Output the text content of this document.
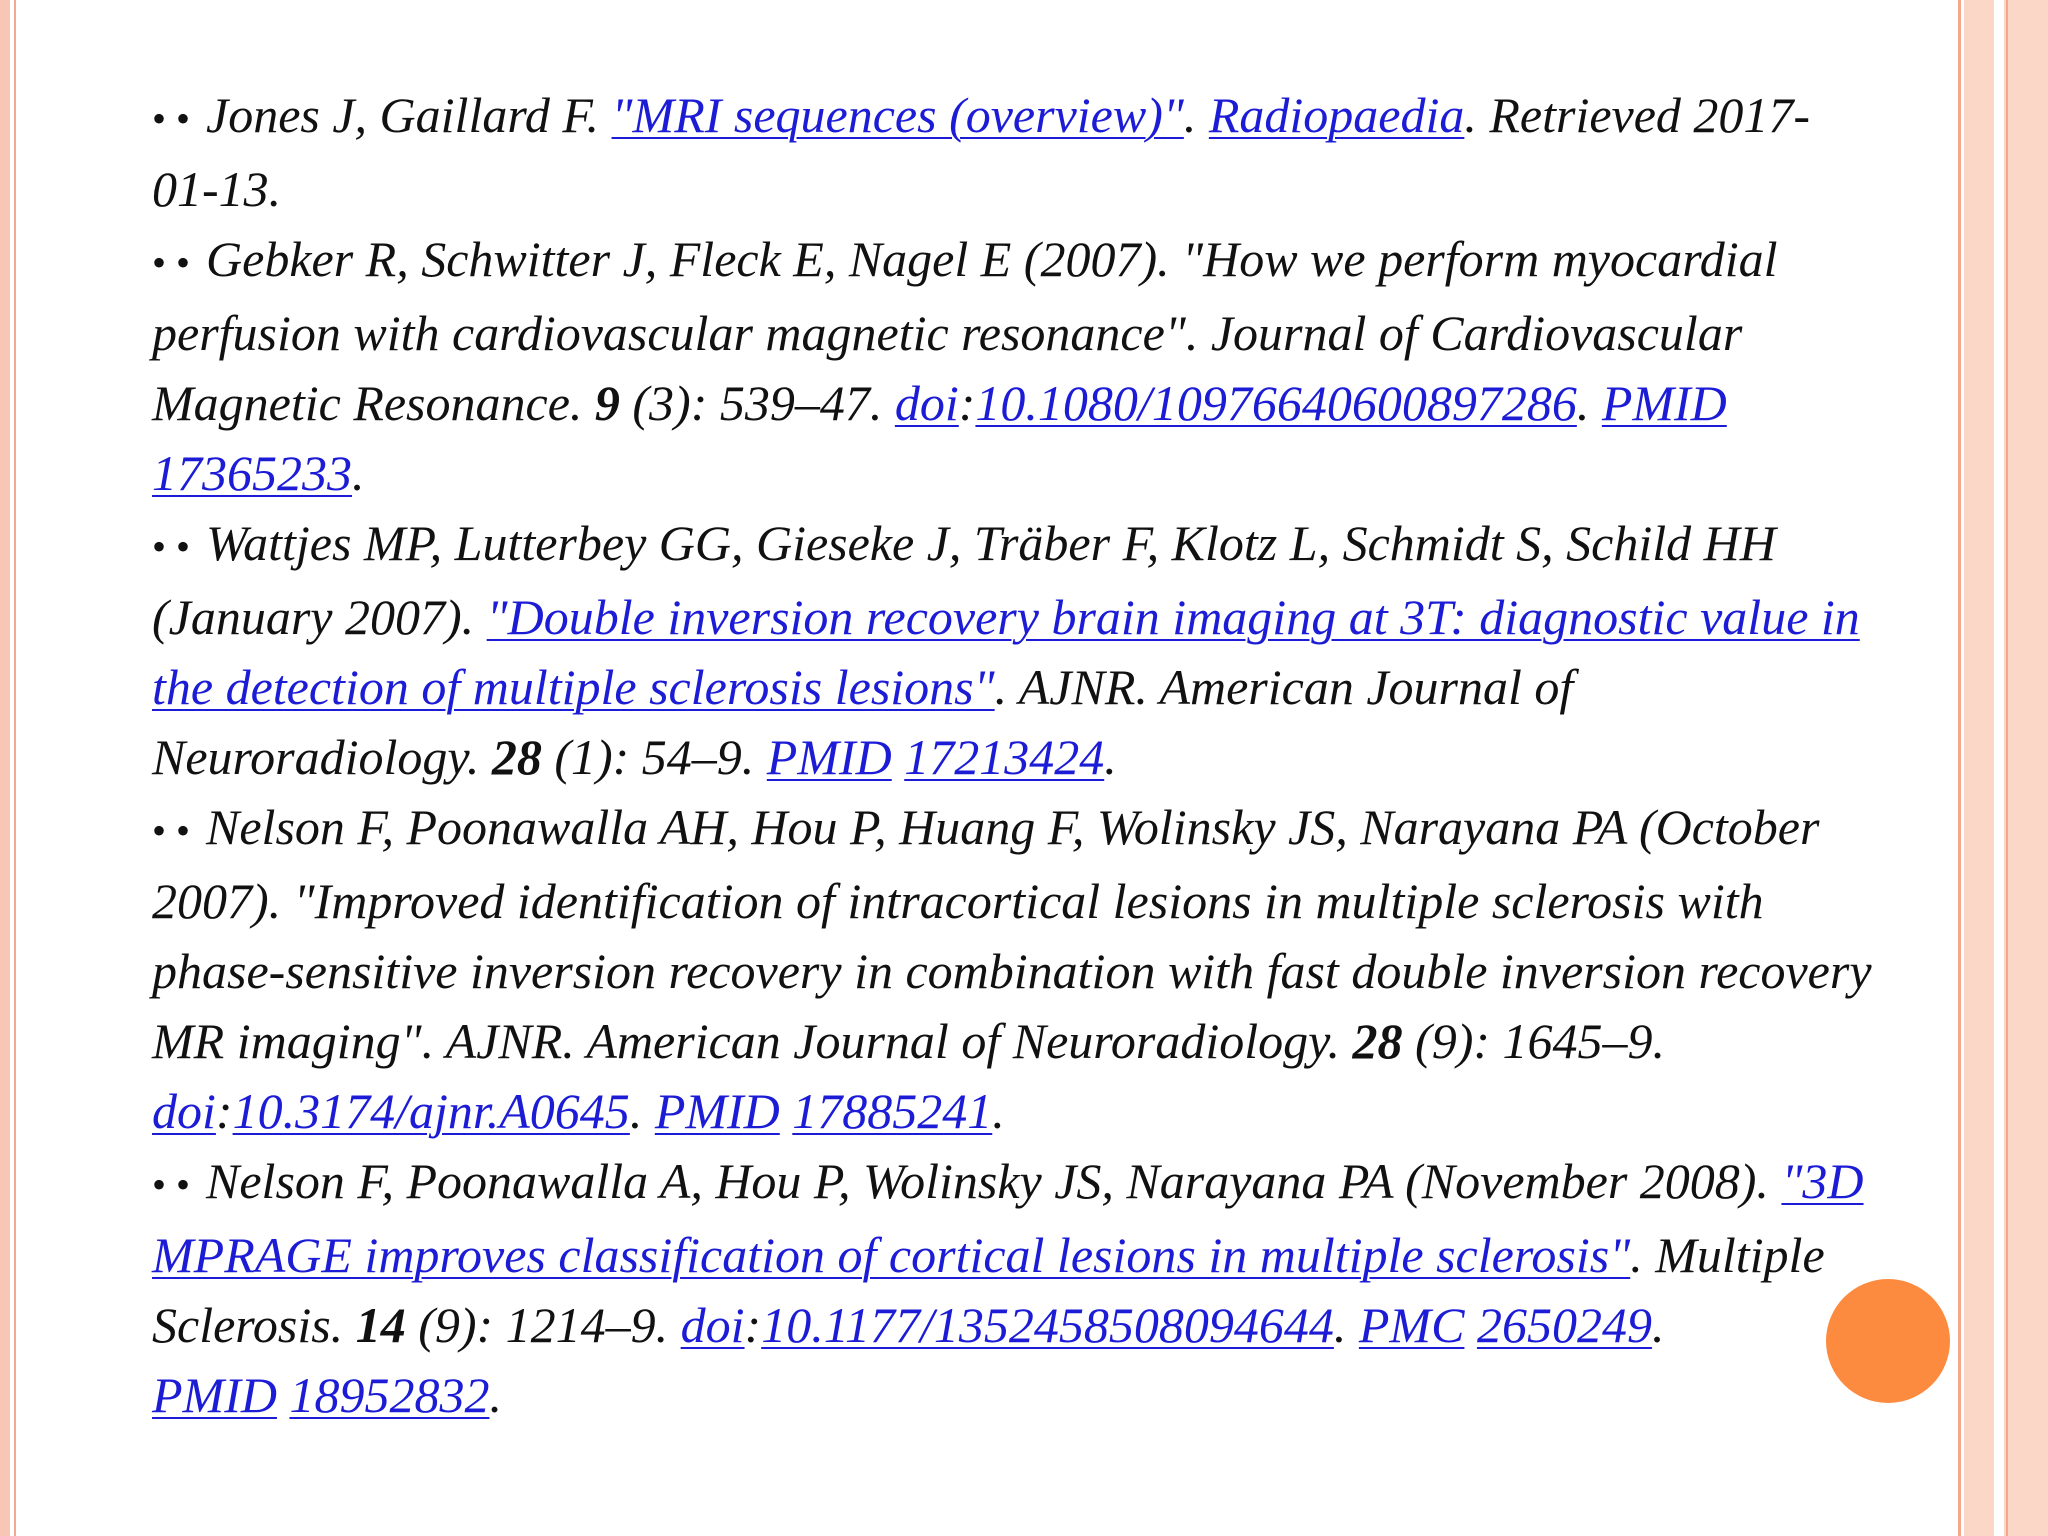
• • Jones J, Gaillard F. "MRI sequences (overview)". Radiopaedia. Retrieved 2017-01-13.
• • Gebker R, Schwitter J, Fleck E, Nagel E (2007). "How we perform myocardial perfusion with cardiovascular magnetic resonance". Journal of Cardiovascular Magnetic Resonance. 9 (3): 539–47. doi:10.1080/10976640600897286. PMID 17365233.
• • Wattjes MP, Lutterbey GG, Gieseke J, Träber F, Klotz L, Schmidt S, Schild HH (January 2007). "Double inversion recovery brain imaging at 3T: diagnostic value in the detection of multiple sclerosis lesions". AJNR. American Journal of Neuroradiology. 28 (1): 54–9. PMID 17213424.
• • Nelson F, Poonawalla AH, Hou P, Huang F, Wolinsky JS, Narayana PA (October 2007). "Improved identification of intracortical lesions in multiple sclerosis with phase-sensitive inversion recovery in combination with fast double inversion recovery MR imaging". AJNR. American Journal of Neuroradiology. 28 (9): 1645–9.
doi:10.3174/ajnr.A0645. PMID 17885241.
• • Nelson F, Poonawalla A, Hou P, Wolinsky JS, Narayana PA (November 2008). "3D MPRAGE improves classification of cortical lesions in multiple sclerosis". Multiple Sclerosis. 14 (9): 1214–9. doi:10.1177/1352458508094644. PMC 2650249.
PMID 18952832.
